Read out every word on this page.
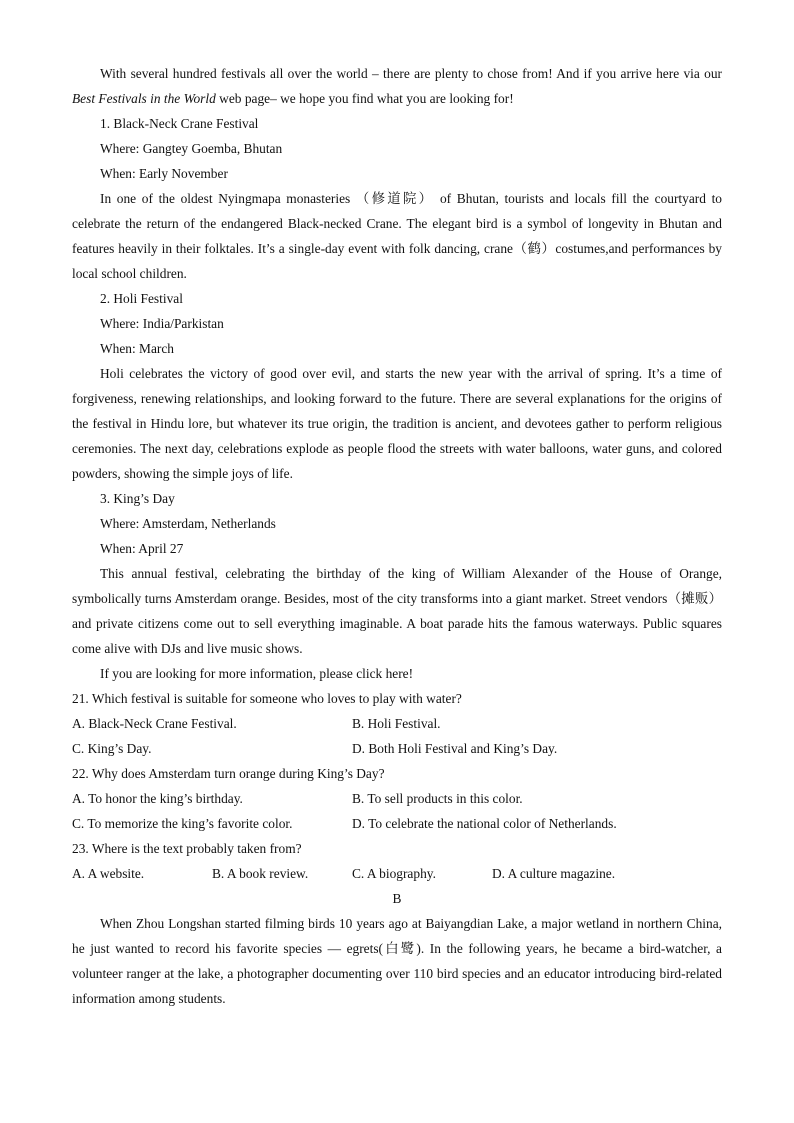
With several hundred festivals all over the world – there are plenty to chose from! And if you arrive here via our Best Festivals in the World web page– we hope you find what you are looking for!

1. Black-Neck Crane Festival

Where: Gangtey Goemba, Bhutan

When: Early November

In one of the oldest Nyingmapa monasteries （修道院） of Bhutan, tourists and locals fill the courtyard to celebrate the return of the endangered Black-necked Crane. The elegant bird is a symbol of longevity in Bhutan and features heavily in their folktales. It’s a single-day event with folk dancing, crane（鹤）costumes,and performances by local school children.

2. Holi Festival

Where: India/Parkistan

When: March

Holi celebrates the victory of good over evil, and starts the new year with the arrival of spring. It’s a time of forgiveness, renewing relationships, and looking forward to the future. There are several explanations for the origins of the festival in Hindu lore, but whatever its true origin, the tradition is ancient, and devotees gather to perform religious ceremonies. The next day, celebrations explode as people flood the streets with water balloons, water guns, and colored powders, showing the simple joys of life.

3. King’s Day

Where: Amsterdam, Netherlands

When: April 27

This annual festival, celebrating the birthday of the king of William Alexander of the House of Orange, symbolically turns Amsterdam orange. Besides, most of the city transforms into a giant market. Street vendors（摊贩）and private citizens come out to sell everything imaginable. A boat parade hits the famous waterways. Public squares come alive with DJs and live music shows.

If you are looking for more information, please click here!

21. Which festival is suitable for someone who loves to play with water?

A. Black-Neck Crane Festival.	B. Holi Festival.
C. King’s Day.	D. Both Holi Festival and King’s Day.

22. Why does Amsterdam turn orange during King’s Day?

A. To honor the king’s birthday.	B. To sell products in this color.
C. To memorize the king’s favorite color.	D. To celebrate the national color of Netherlands.

23. Where is the text probably taken from?

A. A website.	B. A book review.	C. A biography.	D. A culture magazine.

B

When Zhou Longshan started filming birds 10 years ago at Baiyangdian Lake, a major wetland in northern China, he just wanted to record his favorite species — egrets(白鹭). In the following years, he became a bird-watcher, a volunteer ranger at the lake, a photographer documenting over 110 bird species and an educator introducing bird-related information among students.
